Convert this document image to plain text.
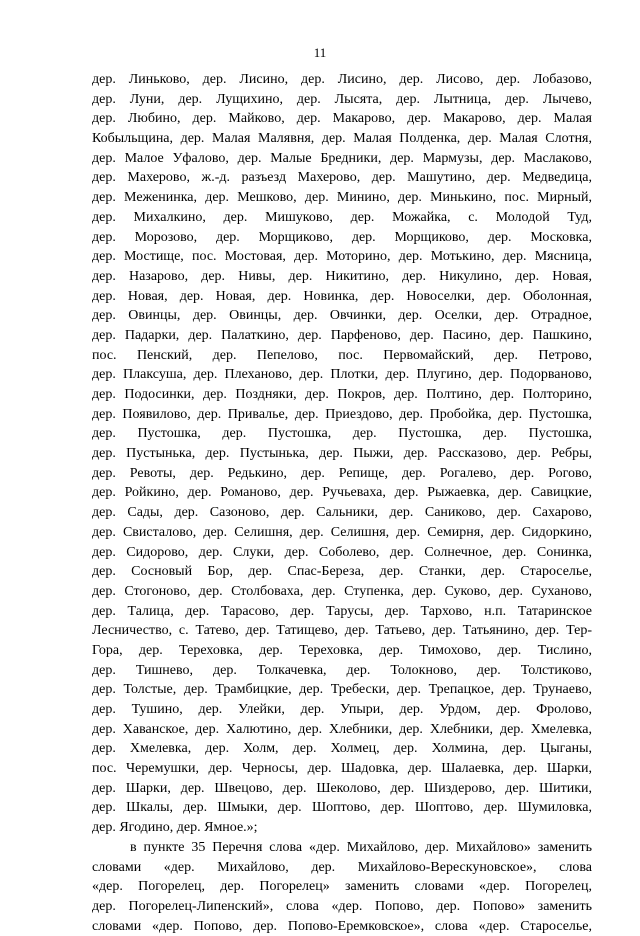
11
дер. Линьково, дер. Лисино, дер. Лисино, дер. Лисово, дер. Лобазово,
дер. Луни, дер. Лущихино, дер. Лысята, дер. Лытница, дер. Лычево,
дер. Любино, дер. Майково, дер. Макарово, дер. Макарово, дер. Малая
Кобыльщина, дер. Малая Малявня, дер. Малая Полденка, дер. Малая Слотня,
дер. Малое Уфалово, дер. Малые Бредники, дер. Мармузы, дер. Маслаково,
дер. Махерово, ж.-д. разъезд Махерово, дер. Машутино, дер. Медведица,
дер. Меженинка, дер. Мешково, дер. Минино, дер. Минькино, пос. Мирный,
дер. Михалкино, дер. Мишуково, дер. Можайка, с. Молодой Туд,
дер. Морозово, дер. Морщиково, дер. Морщиково, дер. Московка,
дер. Мостище, пос. Мостовая, дер. Моторино, дер. Мотькино, дер. Мясница,
дер. Назарово, дер. Нивы, дер. Никитино, дер. Никулино, дер. Новая,
дер. Новая, дер. Новая, дер. Новинка, дер. Новоселки, дер. Оболонная,
дер. Овинцы, дер. Овинцы, дер. Овчинки, дер. Оселки, дер. Отрадное,
дер. Падарки, дер. Палаткино, дер. Парфеново, дер. Пасино, дер. Пашкино,
пос. Пенский, дер. Пепелово, пос. Первомайский, дер. Петрово,
дер. Плаксуша, дер. Плеханово, дер. Плотки, дер. Плугино, дер. Подорваново,
дер. Подосинки, дер. Поздняки, дер. Покров, дер. Полтино, дер. Полторино,
дер. Появилово, дер. Привалье, дер. Приездово, дер. Пробойка, дер. Пустошка,
дер. Пустошка, дер. Пустошка, дер. Пустошка, дер. Пустошка,
дер. Пустынька, дер. Пустынька, дер. Пыжи, дер. Рассказово, дер. Ребры,
дер. Ревоты, дер. Редькино, дер. Репище, дер. Рогалево, дер. Рогово,
дер. Ройкино, дер. Романово, дер. Ручьеваха, дер. Рыжаевка, дер. Савицкие,
дер. Сады, дер. Сазоново, дер. Сальники, дер. Саниково, дер. Сахарово,
дер. Свисталово, дер. Селишня, дер. Селишня, дер. Семирня, дер. Сидоркино,
дер. Сидорово, дер. Слуки, дер. Соболево, дер. Солнечное, дер. Сонинка,
дер. Сосновый Бор, дер. Спас-Береза, дер. Станки, дер. Староселье,
дер. Стогоново, дер. Столбоваха, дер. Ступенка, дер. Суково, дер. Суханово,
дер. Талица, дер. Тарасово, дер. Тарусы, дер. Тархово, н.п. Татаринское
Лесничество, с. Татево, дер. Татищево, дер. Татьево, дер. Татьянино, дер. Тер-
Гора, дер. Тереховка, дер. Тереховка, дер. Тимохово, дер. Тислино,
дер. Тишнево, дер. Толкачевка, дер. Толокново, дер. Толстиково,
дер. Толстые, дер. Трамбицкие, дер. Требески, дер. Трепацкое, дер. Трунаево,
дер. Тушино, дер. Улейки, дер. Упыри, дер. Урдом, дер. Фролово,
дер. Хаванское, дер. Халютино, дер. Хлебники, дер. Хлебники, дер. Хмелевка,
дер. Хмелевка, дер. Холм, дер. Холмец, дер. Холмина, дер. Цыганы,
пос. Черемушки, дер. Черносы, дер. Шадовка, дер. Шалаевка, дер. Шарки,
дер. Шарки, дер. Швецово, дер. Шеколово, дер. Шиздерово, дер. Шитики,
дер. Шкалы, дер. Шмыки, дер. Шоптово, дер. Шоптово, дер. Шумиловка,
дер. Ягодино, дер. Ямное.»;
в пункте 35 Перечня слова «дер. Михайлово, дер. Михайлово» заменить
словами «дер. Михайлово, дер. Михайлово-Верескуновское», слова
«дер. Погорелец, дер. Погорелец» заменить словами «дер. Погорелец,
дер. Погорелец-Липенский», слова «дер. Попово, дер. Попово» заменить
словами «дер. Попово, дер. Попово-Еремковское», слова «дер. Староселье,
